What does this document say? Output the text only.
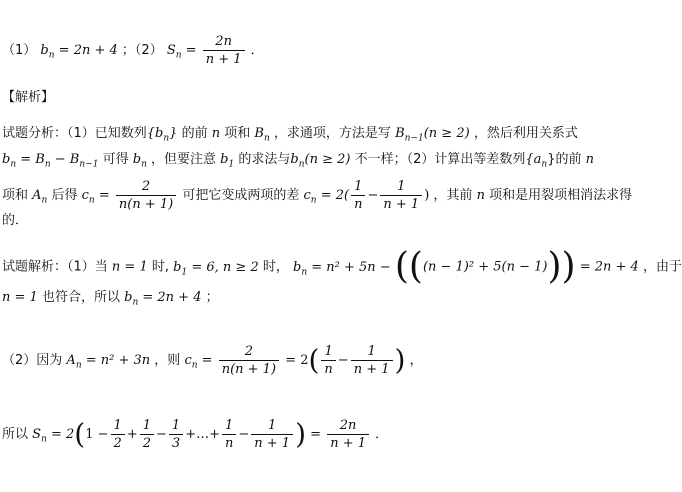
（1） $b_n = 2n + 4$ ；（2） $S_n = \frac{2n}{n + 1}$ ．
【解析】
试题分析：（1）已知数列$\{b_n\}$ 的前 n 项和 $B_n$ ，求通项，方法是写 $B_{n-1}(n \ge 2)$ ，然后利用关系式
$b_n = B_n - B_{n-1}$ 可得 $b_n$ ，但要注意 $b_1$ 的求法与$b_n(n \ge 2)$ 不一样；（2）计算出等差数列$\{a_n\}$的前 n
项和 $A_n$ 后得 $c_n = \frac{2}{n(n + 1)}$ 可把它变成两项的差 $c_n = 2( \frac{1}{n} - \frac{1}{n + 1}$ ) ，其前 n 项和是用裂项相消法求得
的．
试题解析：（1）当 n = 1 时, $b_1 = 6$, n ≥ 2 时， $b_n = n^2 + 5n - (((n - 1)^2 + 5(n - 1))) = 2n + 4$ ，由于
n = 1 也符合，所以 $b_n = 2n + 4$ ；
（2）因为 $A_n = n^2 + 3n$ ，则 $c_n = \frac{2}{n(n + 1)} = 2( \frac{1}{n} - \frac{1}{n + 1}$ ) ，
所以 $S_n = 2(1 - \frac{1}{2} + \frac{1}{2} - \frac{1}{3}$ +…+ $\frac{1}{n} - \frac{1}{n + 1}$ ) = $\frac{2n}{n + 1}$ ．
